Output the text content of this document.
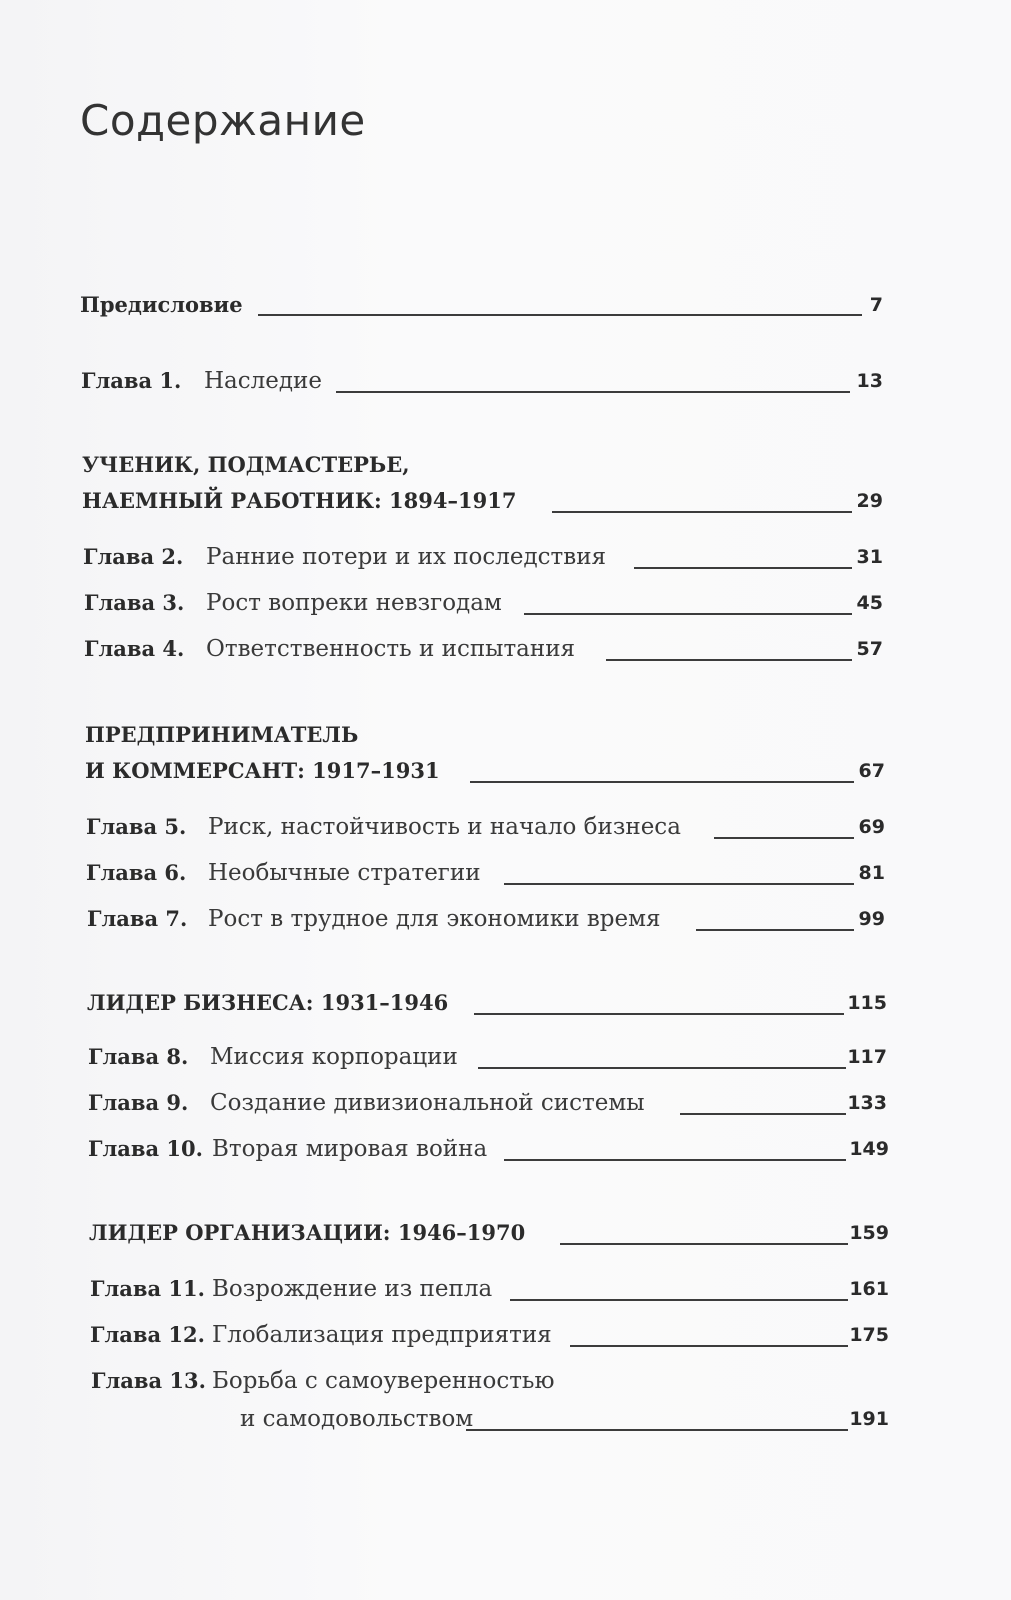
Содержание
Предисловие	7
Глава 1. Наследие	13
УЧЕНИК, ПОДМАСТЕРЬЕ,
НАЕМНЫЙ РАБОТНИК: 1894–1917	29
Глава 2. Ранние потери и их последствия	31
Глава 3. Рост вопреки невзгодам	45
Глава 4. Ответственность и испытания	57
ПРЕДПРИНИМАТЕЛЬ
И КОММЕРСАНТ: 1917–1931	67
Глава 5. Риск, настойчивость и начало бизнеса	69
Глава 6. Необычные стратегии	81
Глава 7. Рост в трудное для экономики время	99
ЛИДЕР БИЗНЕСА: 1931–1946	115
Глава 8. Миссия корпорации	117
Глава 9. Создание дивизиональной системы	133
Глава 10. Вторая мировая война	149
ЛИДЕР ОРГАНИЗАЦИИ: 1946–1970	159
Глава 11. Возрождение из пепла	161
Глава 12. Глобализация предприятия	175
Глава 13. Борьба с самоуверенностью
и самодовольством	191
